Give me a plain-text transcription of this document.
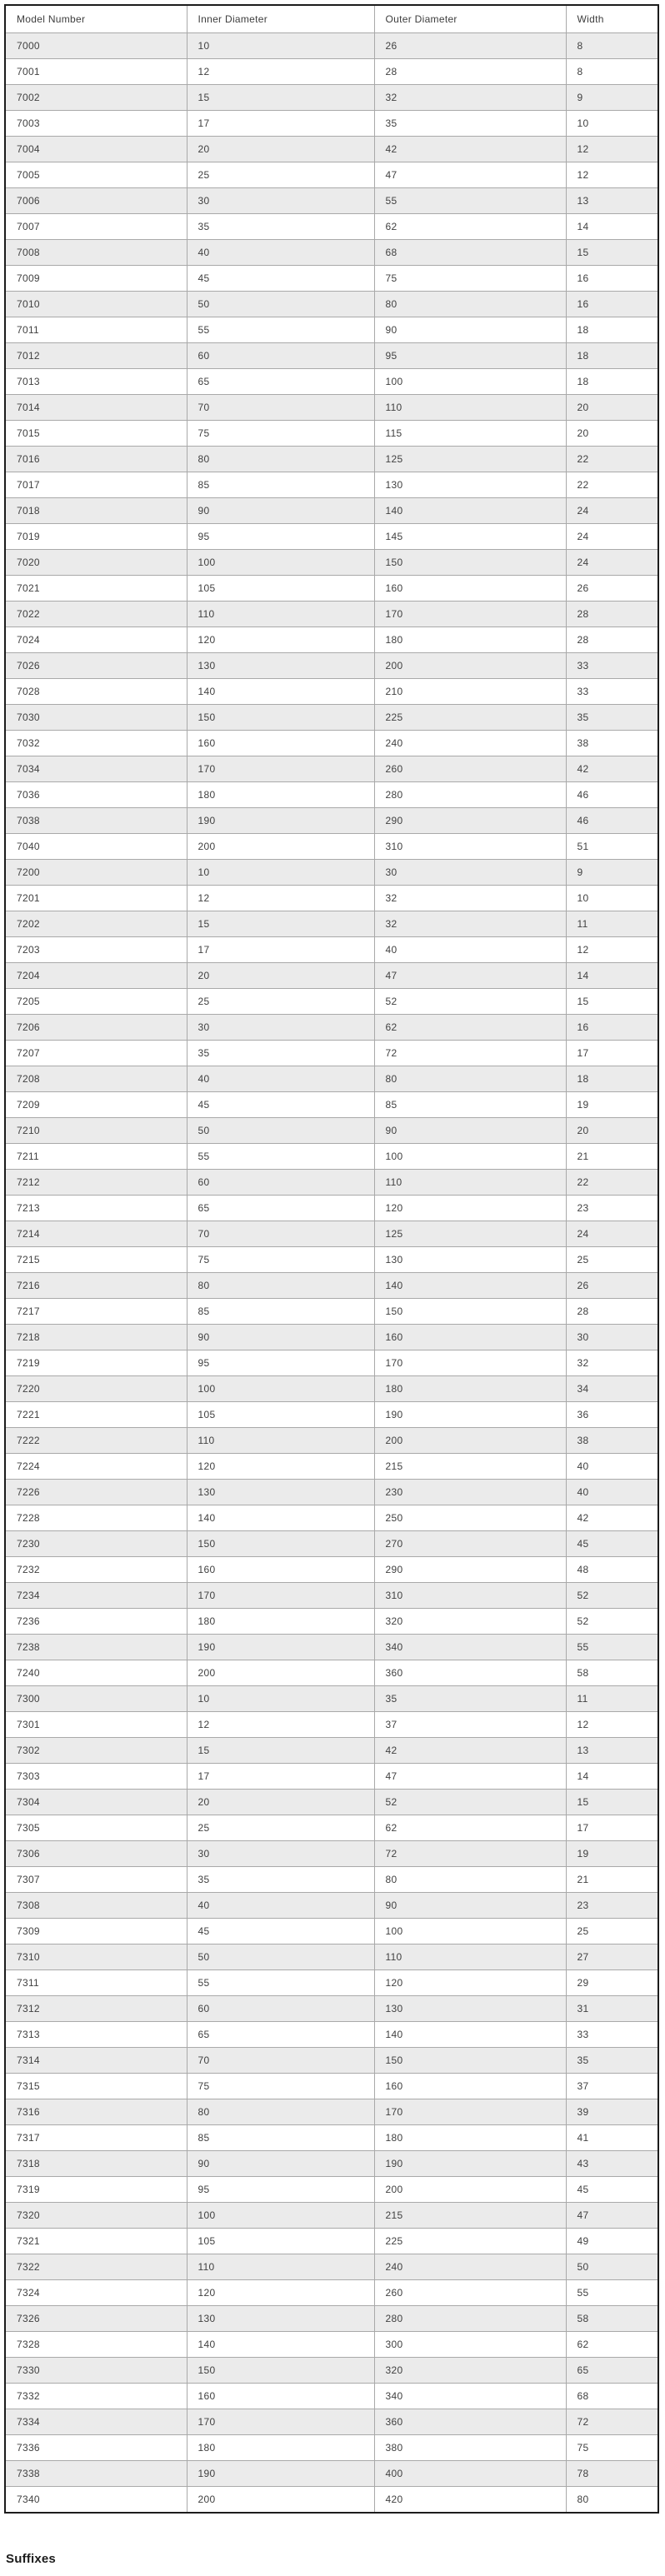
Model Number	Inner Diameter	Outer Diameter	Width
7000	10	26	8
7001	12	28	8
7002	15	32	9
7003	17	35	10
7004	20	42	12
7005	25	47	12
7006	30	55	13
7007	35	62	14
7008	40	68	15
7009	45	75	16
7010	50	80	16
7011	55	90	18
7012	60	95	18
7013	65	100	18
7014	70	110	20
7015	75	115	20
7016	80	125	22
7017	85	130	22
7018	90	140	24
7019	95	145	24
7020	100	150	24
7021	105	160	26
7022	110	170	28
7024	120	180	28
7026	130	200	33
7028	140	210	33
7030	150	225	35
7032	160	240	38
7034	170	260	42
7036	180	280	46
7038	190	290	46
7040	200	310	51
7200	10	30	9
7201	12	32	10
7202	15	32	11
7203	17	40	12
7204	20	47	14
7205	25	52	15
7206	30	62	16
7207	35	72	17
7208	40	80	18
7209	45	85	19
7210	50	90	20
7211	55	100	21
7212	60	110	22
7213	65	120	23
7214	70	125	24
7215	75	130	25
7216	80	140	26
7217	85	150	28
7218	90	160	30
7219	95	170	32
7220	100	180	34
7221	105	190	36
7222	110	200	38
7224	120	215	40
7226	130	230	40
7228	140	250	42
7230	150	270	45
7232	160	290	48
7234	170	310	52
7236	180	320	52
7238	190	340	55
7240	200	360	58
7300	10	35	11
7301	12	37	12
7302	15	42	13
7303	17	47	14
7304	20	52	15
7305	25	62	17
7306	30	72	19
7307	35	80	21
7308	40	90	23
7309	45	100	25
7310	50	110	27
7311	55	120	29
7312	60	130	31
7313	65	140	33
7314	70	150	35
7315	75	160	37
7316	80	170	39
7317	85	180	41
7318	90	190	43
7319	95	200	45
7320	100	215	47
7321	105	225	49
7322	110	240	50
7324	120	260	55
7326	130	280	58
7328	140	300	62
7330	150	320	65
7332	160	340	68
7334	170	360	72
7336	180	380	75
7338	190	400	78
7340	200	420	80
Suffixes
